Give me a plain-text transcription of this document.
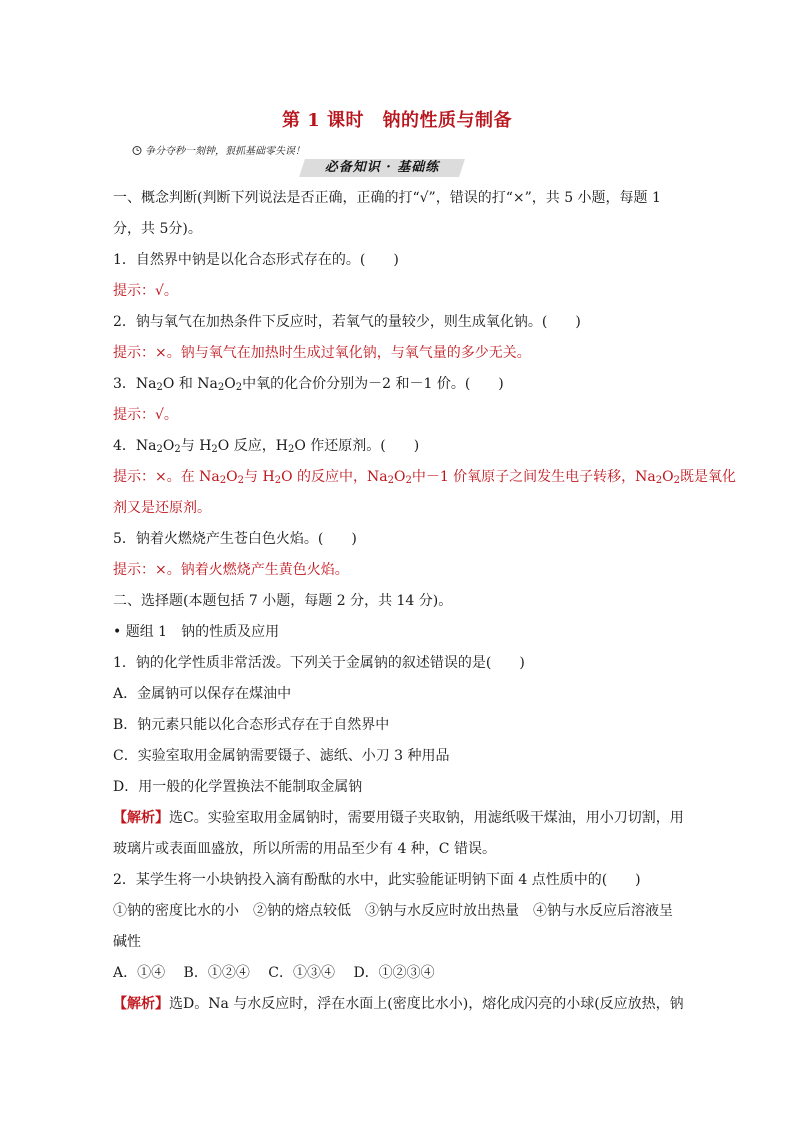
第 1 课时　钠的性质与制备
争分夺秒一刻钟，狠抓基础零失误！
必备知识 · 基础练
一、概念判断(判断下列说法是否正确，正确的打“√”，错误的打“×”，共 5 小题，每题 1
分，共 5分)。
1．自然界中钠是以化合态形式存在的。(　　)
提示：√。
2．钠与氧气在加热条件下反应时，若氧气的量较少，则生成氧化钠。(　　)
提示：×。钠与氧气在加热时生成过氧化钠，与氧气量的多少无关。
3．$Na_2O$ 和 $Na_2O_2$中氧的化合价分别为－2 和－1 价。(　　)
提示：√。
4．$Na_2O_2$与 $H_2O$ 反应，$H_2O$ 作还原剂。(　　)
提示：×。在 $Na_2O_2$与 $H_2O$ 的反应中，$Na_2O_2$中－1 价氧原子之间发生电子转移，$Na_2O_2$既是氧化
剂又是还原剂。
5．钠着火燃烧产生苍白色火焰。(　　)
提示：×。钠着火燃烧产生黄色火焰。
二、选择题(本题包括 7 小题，每题 2 分，共 14 分)。
• 题组 1　钠的性质及应用
1．钠的化学性质非常活泼。下列关于金属钠的叙述错误的是(　　)
A．金属钠可以保存在煤油中
B．钠元素只能以化合态形式存在于自然界中
C．实验室取用金属钠需要镊子、滤纸、小刀 3 种用品
D．用一般的化学置换法不能制取金属钠
【解析】选C。实验室取用金属钠时，需要用镊子夹取钠，用滤纸吸干煤油，用小刀切割，用
玻璃片或表面皿盛放，所以所需的用品至少有 4 种，C 错误。
2．某学生将一小块钠投入滴有酚酞的水中，此实验能证明钠下面 4 点性质中的(　　)
①钠的密度比水的小　②钠的熔点较低　③钠与水反应时放出热量　④钠与水反应后溶液呈
碱性
A．①④　 B．①②④　 C．①③④　 D．①②③④
【解析】选D。Na 与水反应时，浮在水面上(密度比水小)，熔化成闪亮的小球(反应放热，钠
